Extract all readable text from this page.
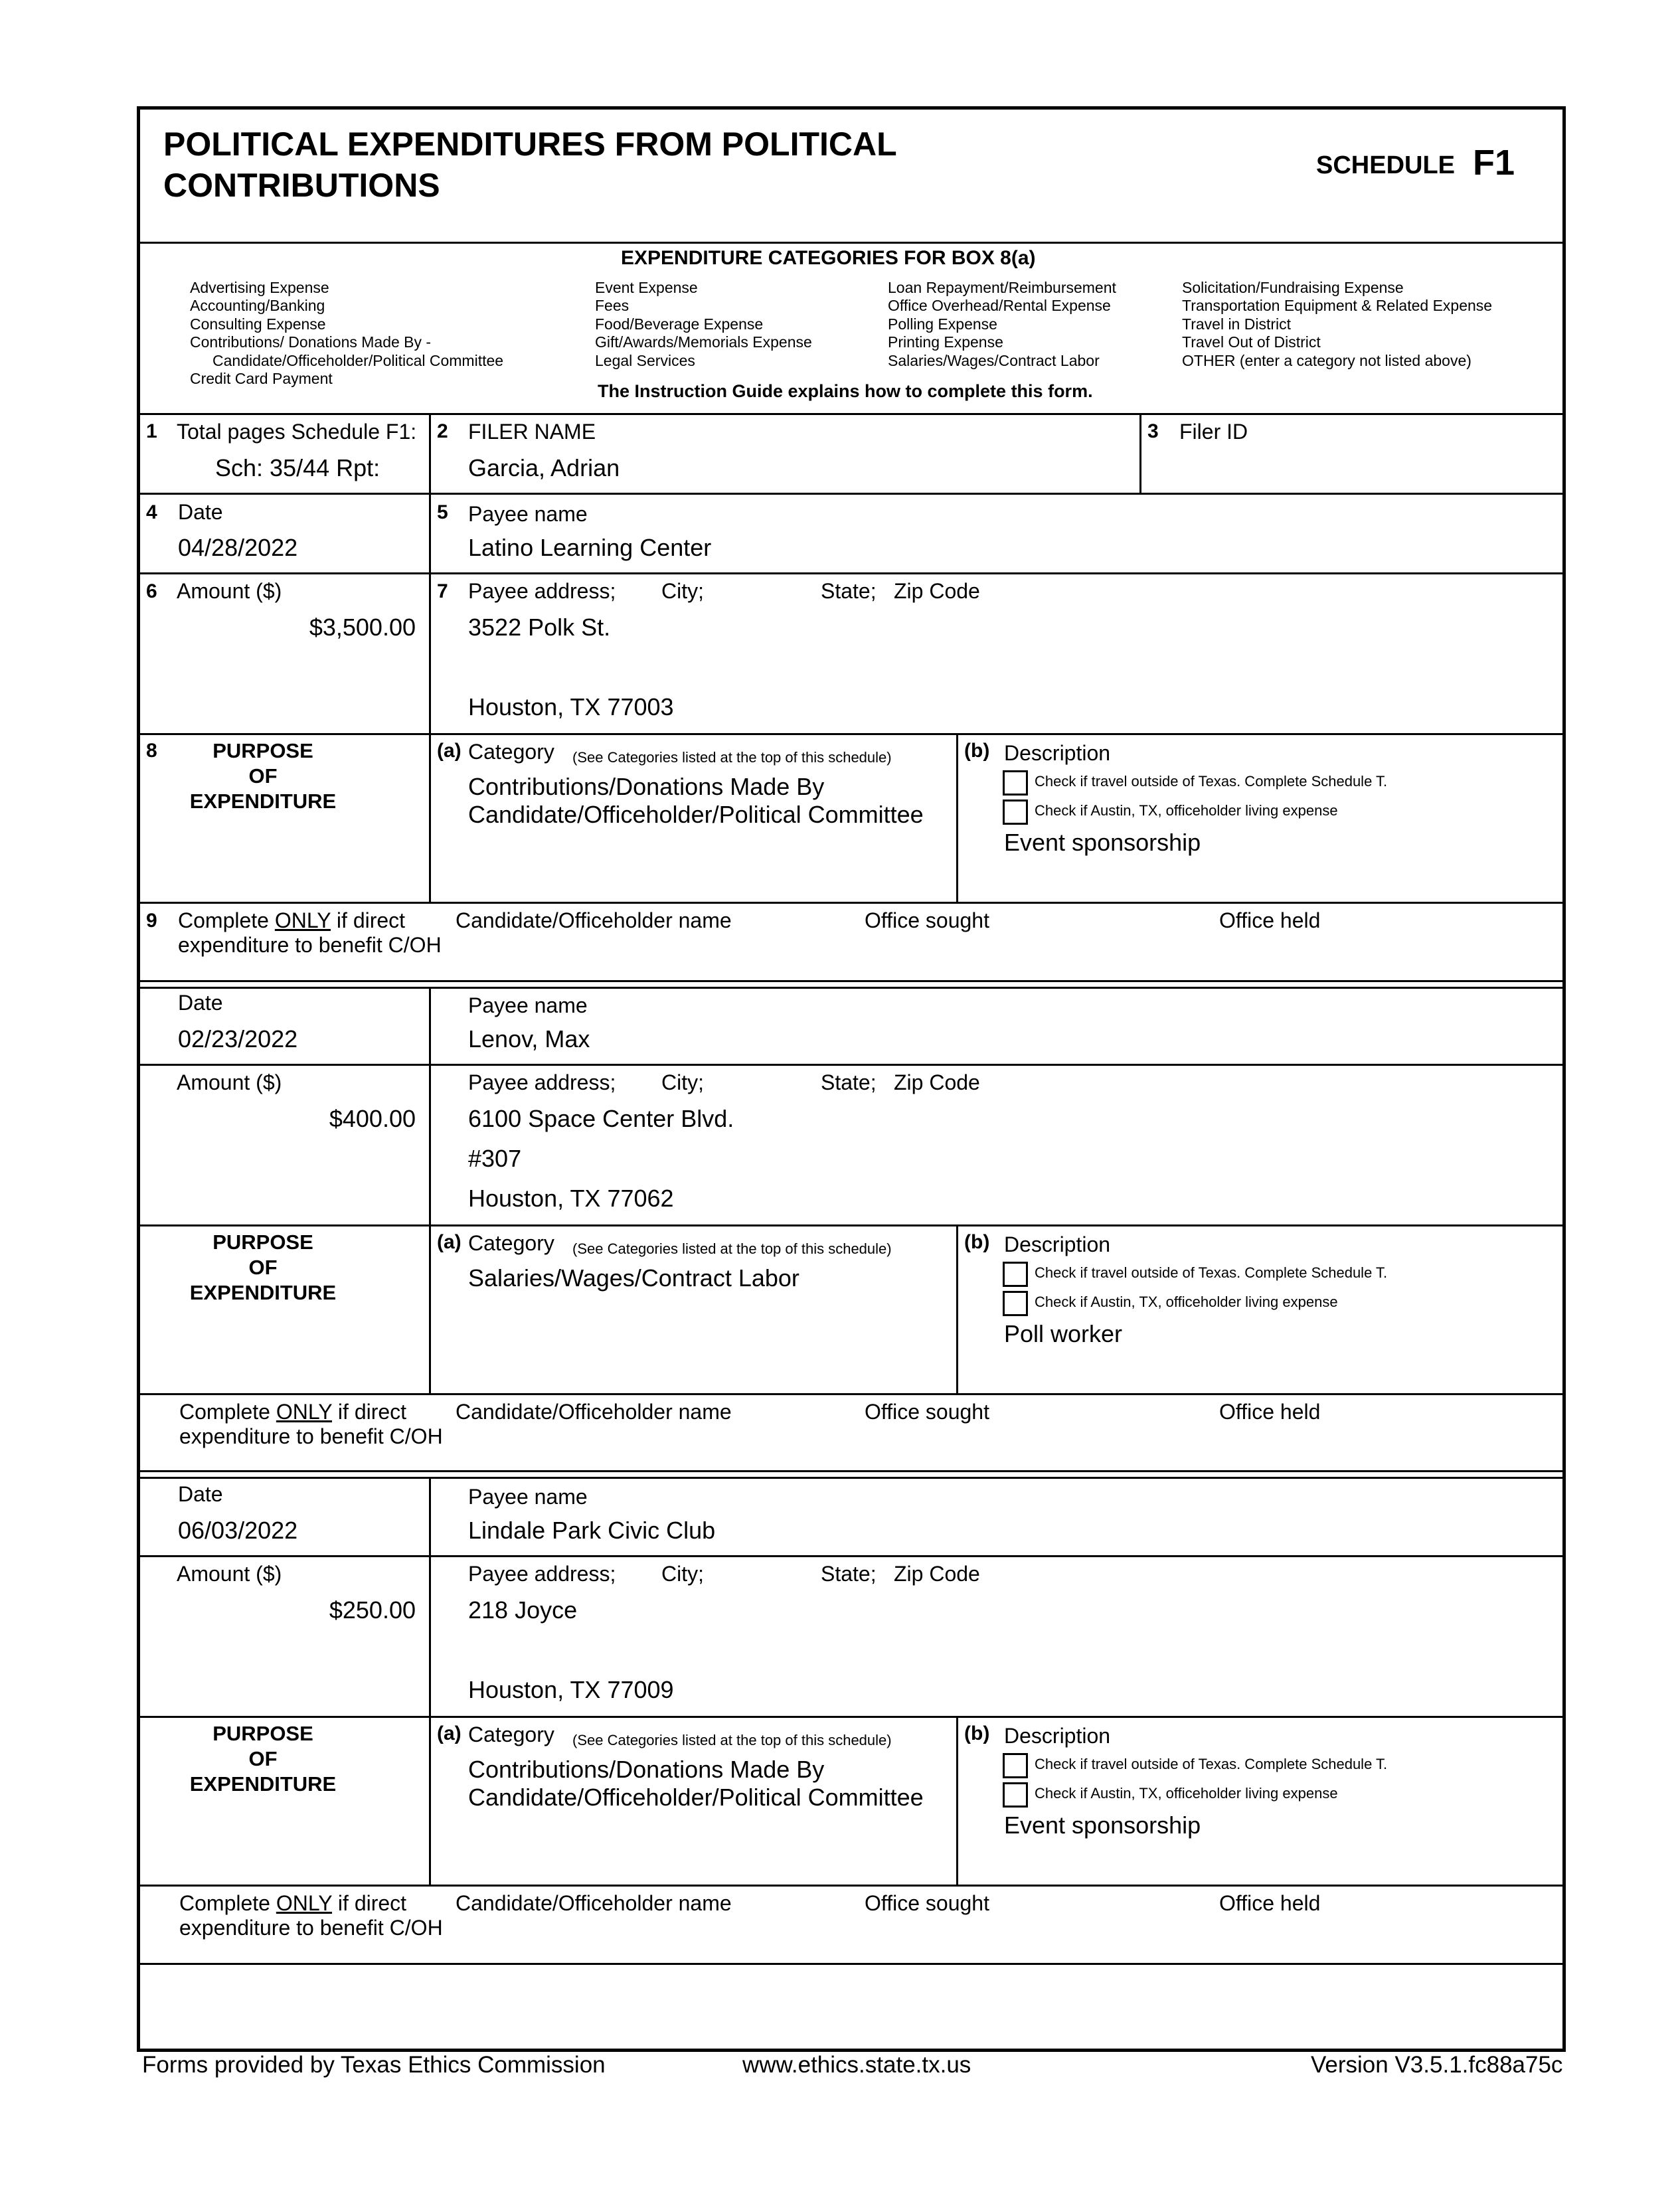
POLITICAL EXPENDITURES FROM POLITICAL
CONTRIBUTIONS
SCHEDULE F1
EXPENDITURE CATEGORIES FOR BOX 8(a)
Advertising Expense
Accounting/Banking
Consulting Expense
Contributions/ Donations Made By -
Candidate/Officeholder/Political Committee
Credit Card Payment
Event Expense
Fees
Food/Beverage Expense
Gift/Awards/Memorials Expense
Legal Services
Loan Repayment/Reimbursement
Office Overhead/Rental Expense
Polling Expense
Printing Expense
Salaries/Wages/Contract Labor
Solicitation/Fundraising Expense
Transportation Equipment & Related Expense
Travel in District
Travel Out of District
OTHER (enter a category not listed above)
The Instruction Guide explains how to complete this form.
1 Total pages Schedule F1:
Sch: 35/44 Rpt:
2 FILER NAME
Garcia, Adrian
3 Filer ID
4 Date
04/28/2022
5 Payee name
Latino Learning Center
6 Amount ($)
$3,500.00
7 Payee address; City;	State; Zip Code
3522 Polk St.
Houston, TX 77003
8	PURPOSE
OF
EXPENDITURE
(a) Category (See Categories listed at the top of this schedule)
Contributions/Donations Made By
Candidate/Officeholder/Political Committee
(b) Description
Check if travel outside of Texas. Complete Schedule T.
Check if Austin, TX, officeholder living expense
Event sponsorship
9 Complete ONLY if direct
expenditure to benefit C/OH
Candidate/Officeholder name	Office sought	Office held
Date
02/23/2022
Payee name
Lenov, Max
Amount ($)
$400.00
Payee address; City;	State; Zip Code
6100 Space Center Blvd.
#307
Houston, TX 77062
PURPOSE
OF
EXPENDITURE
(a) Category (See Categories listed at the top of this schedule)
Salaries/Wages/Contract Labor
(b) Description
Check if travel outside of Texas. Complete Schedule T.
Check if Austin, TX, officeholder living expense
Poll worker
Complete ONLY if direct
expenditure to benefit C/OH
Candidate/Officeholder name	Office sought	Office held
Date
06/03/2022
Payee name
Lindale Park Civic Club
Amount ($)
$250.00
Payee address; City;	State; Zip Code
218 Joyce
Houston, TX 77009
PURPOSE
OF
EXPENDITURE
(a) Category (See Categories listed at the top of this schedule)
Contributions/Donations Made By
Candidate/Officeholder/Political Committee
(b) Description
Check if travel outside of Texas. Complete Schedule T.
Check if Austin, TX, officeholder living expense
Event sponsorship
Complete ONLY if direct
expenditure to benefit C/OH
Candidate/Officeholder name	Office sought	Office held
Forms provided by Texas Ethics Commission	www.ethics.state.tx.us	Version V3.5.1.fc88a75c
